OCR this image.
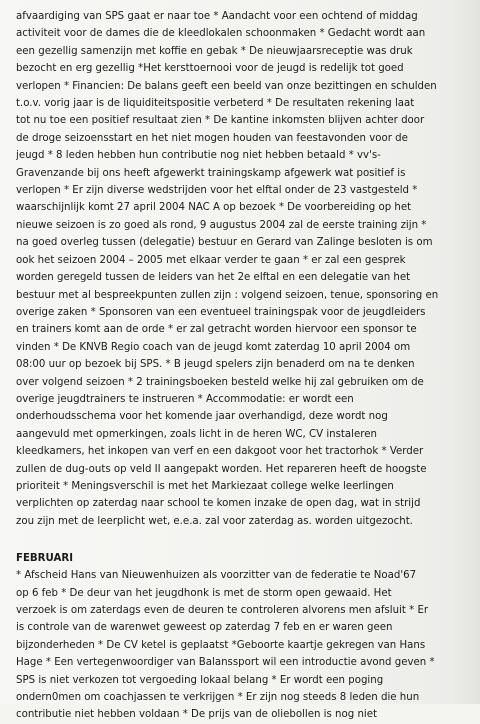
afvaardiging van SPS gaat er naar toe * Aandacht voor een ochtend of middag
activiteit voor de dames die de kleedlokalen schoonmaken * Gedacht wordt aan
een gezellig samenzijn met koffie en gebak * De nieuwjaarsreceptie was druk
bezocht en erg gezellig *Het kersttoernooi voor de jeugd is redelijk tot goed
verlopen * Financien: De balans geeft een beeld van onze bezittingen en schulden
t.o.v. vorig jaar is de liquiditeitspositie verbeterd * De resultaten rekening laat
tot nu toe een positief resultaat zien * De kantine inkomsten blijven achter door
de droge seizoensstart en het niet mogen houden van feestavonden voor de
jeugd * 8 leden hebben hun contributie nog niet hebben betaald * vv's-
Gravenzande bij ons heeft afgewerkt trainingskamp afgewerk wat positief is
verlopen * Er zijn diverse wedstrijden voor het elftal onder de 23 vastgesteld *
waarschijnlijk komt 27 april 2004 NAC A op bezoek * De voorbereiding op het
nieuwe seizoen is zo goed als rond, 9 augustus 2004 zal de eerste training zijn *
na goed overleg tussen (delegatie) bestuur en Gerard van Zalinge besloten is om
ook het seizoen 2004 – 2005 met elkaar verder te gaan * er zal een gesprek
worden geregeld tussen de leiders van het 2e elftal en een delegatie van het
bestuur met al bespreekpunten zullen zijn : volgend seizoen, tenue, sponsoring en
overige zaken * Sponsoren van een eventueel trainingspak voor de jeugdleiders
en trainers komt aan de orde * er zal getracht worden hiervoor een sponsor te
vinden * De KNVB Regio coach van de jeugd komt zaterdag 10 april 2004 om
08:00 uur op bezoek bij SPS. * B jeugd spelers zijn benaderd om na te denken
over volgend seizoen * 2 trainingsboeken besteld welke hij zal gebruiken om de
overige jeugdtrainers te instrueren * Accommodatie: er wordt een
onderhoudsschema voor het komende jaar overhandigd, deze wordt nog
aangevuld met opmerkingen, zoals licht in de heren WC, CV instaleren
kleedkamers, het inkopen van verf en een dakgoot voor het tractorhok * Verder
zullen de dug-outs op veld II aangepakt worden. Het repareren heeft de hoogste
prioriteit * Meningsverschil is met het Markiezaat college welke leerlingen
verplichten op zaterdag naar school te komen inzake de open dag, wat in strijd
zou zijn met de leerplicht wet, e.e.a. zal voor zaterdag as. worden uitgezocht.
FEBRUARI
* Afscheid Hans van Nieuwenhuizen als voorzitter van de federatie te Noad'67
op 6 feb * De deur van het jeugdhonk is met de storm open gewaaid. Het
verzoek is om zaterdags even de deuren te controleren alvorens men afsluit * Er
is controle van de warenwet geweest op zaterdag 7 feb en er waren geen
bijzonderheden * De CV ketel is geplaatst *Geboorte kaartje gekregen van Hans
Hage * Een vertegenwoordiger van Balanssport wil een introductie avond geven *
SPS is niet verkozen tot vergoeding lokaal belang * Er wordt een poging
ondern0men om coachjassen te verkrijgen * Er zijn nog steeds 8 leden die hun
contributie niet hebben voldaan * De prijs van de oliebollen is nog niet
